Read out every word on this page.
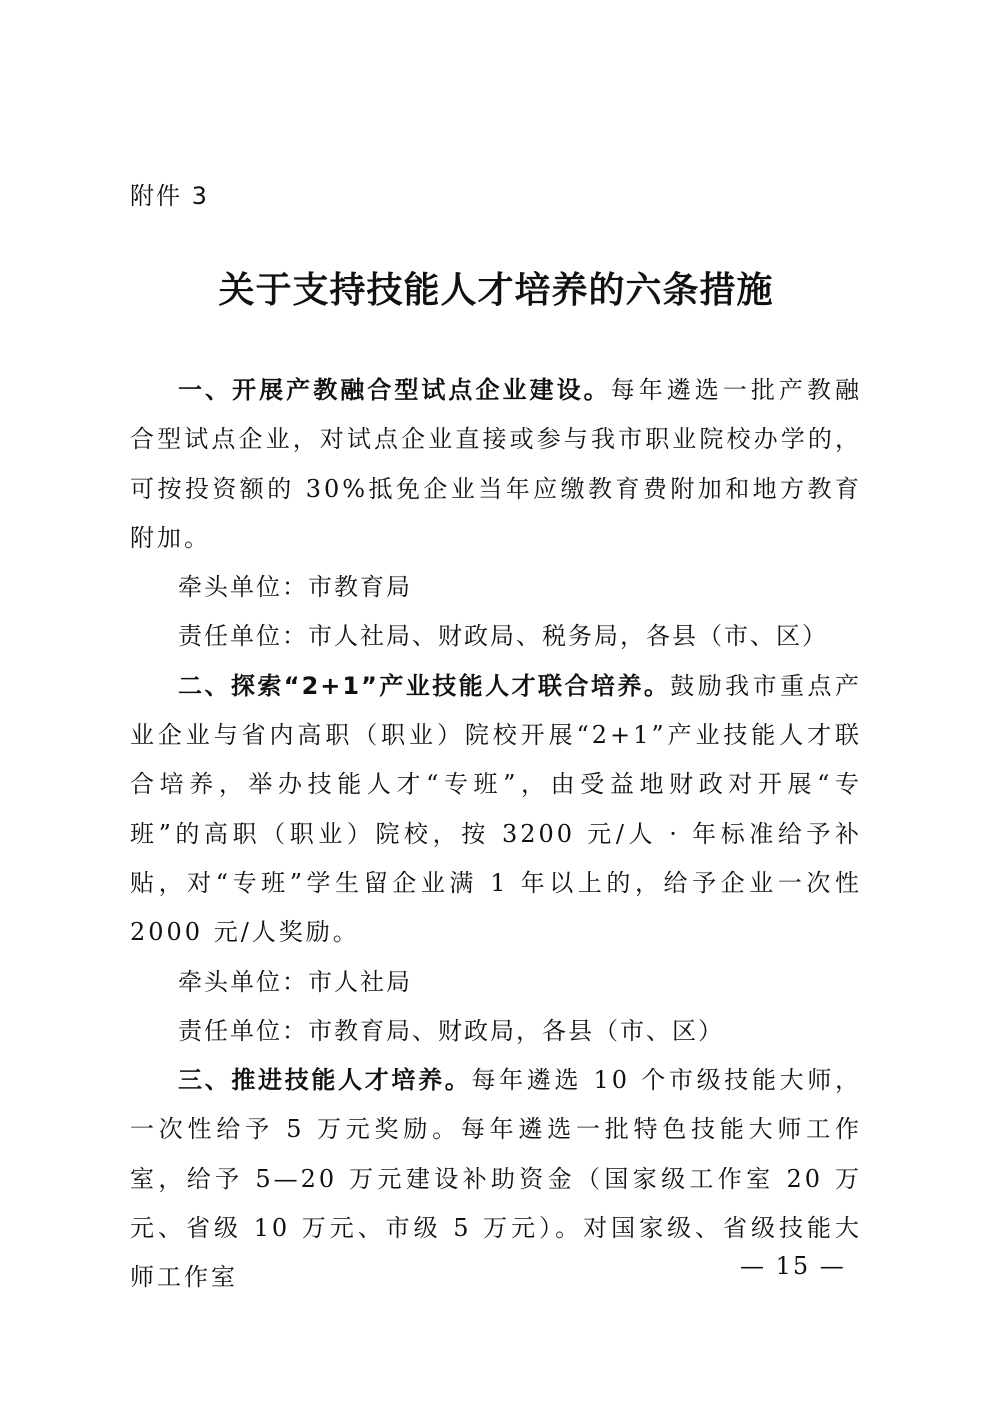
附件 3
关于支持技能人才培养的六条措施

一、开展产教融合型试点企业建设。每年遴选一批产教融合型试点企业，对试点企业直接或参与我市职业院校办学的，可按投资额的 30%抵免企业当年应缴教育费附加和地方教育附加。

牵头单位：市教育局

责任单位：市人社局、财政局、税务局，各县（市、区）

二、探索“2+1”产业技能人才联合培养。鼓励我市重点产业企业与省内高职（职业）院校开展“2+1”产业技能人才联合培养，举办技能人才“专班”，由受益地财政对开展“专班”的高职（职业）院校，按 3200 元/人 · 年标准给予补贴，对“专班”学生留企业满 1 年以上的，给予企业一次性 2000 元/人奖励。

牵头单位：市人社局

责任单位：市教育局、财政局，各县（市、区）

三、推进技能人才培养。每年遴选 10 个市级技能大师，一次性给予 5 万元奖励。每年遴选一批特色技能大师工作室，给予 5—20 万元建设补助资金（国家级工作室 20 万元、省级 10 万元、市级 5 万元）。对国家级、省级技能大师工作室	— 15 —
